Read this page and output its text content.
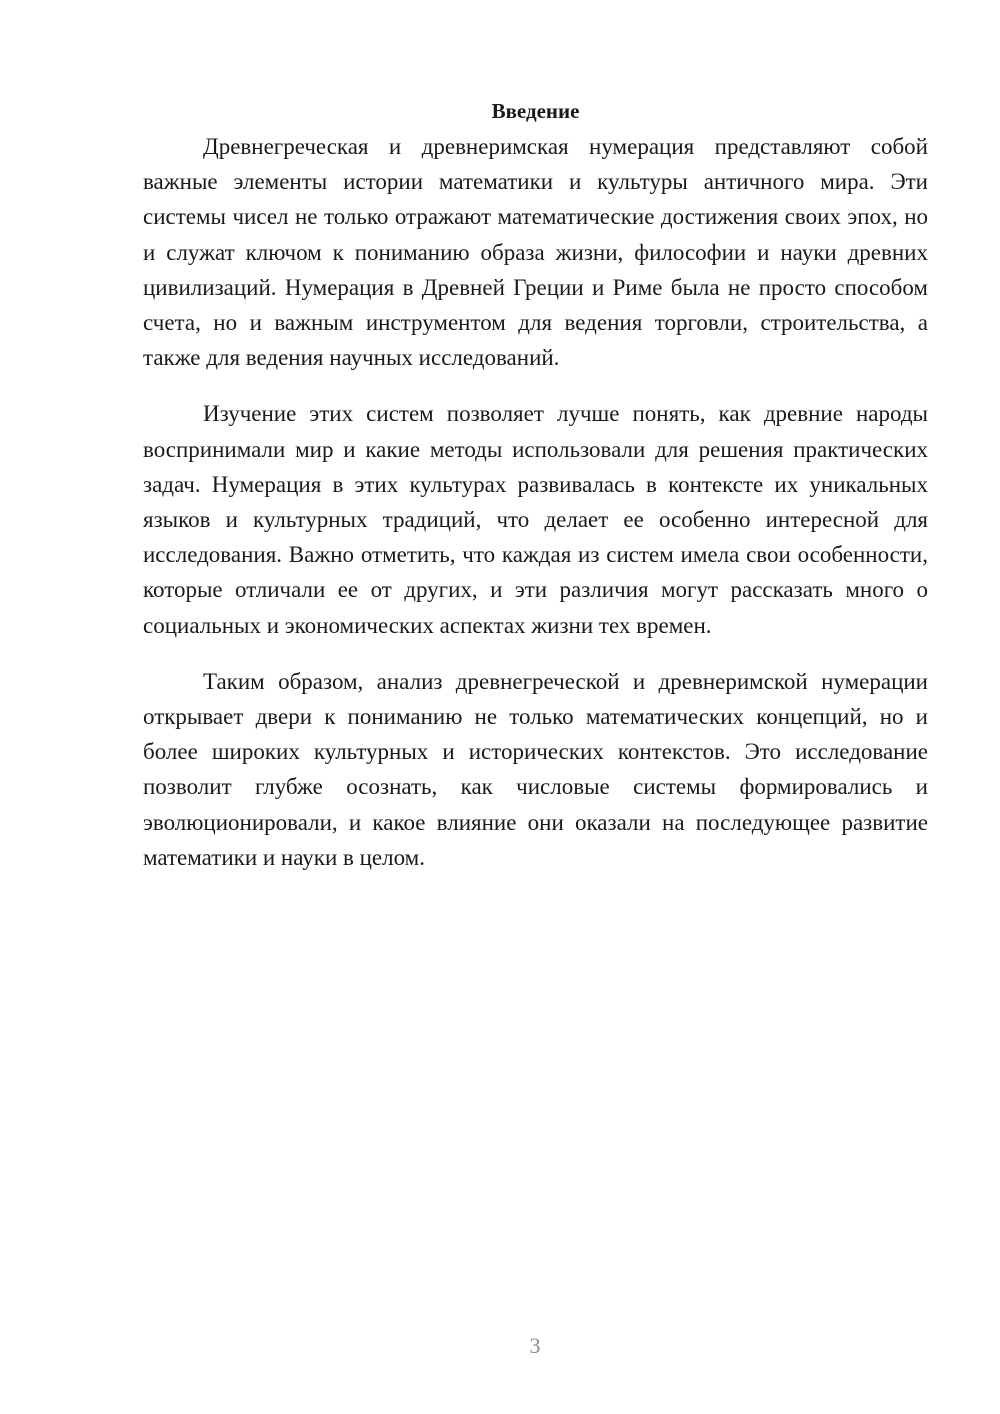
Введение

Древнегреческая и древнеримская нумерация представляют собой важные элементы истории математики и культуры античного мира. Эти системы чисел не только отражают математические достижения своих эпох, но и служат ключом к пониманию образа жизни, философии и науки древних цивилизаций. Нумерация в Древней Греции и Риме была не просто способом счета, но и важным инструментом для ведения торговли, строительства, а также для ведения научных исследований.

Изучение этих систем позволяет лучше понять, как древние народы воспринимали мир и какие методы использовали для решения практических задач. Нумерация в этих культурах развивалась в контексте их уникальных языков и культурных традиций, что делает ее особенно интересной для исследования. Важно отметить, что каждая из систем имела свои особенности, которые отличали ее от других, и эти различия могут рассказать много о социальных и экономических аспектах жизни тех времен.

Таким образом, анализ древнегреческой и древнеримской нумерации открывает двери к пониманию не только математических концепций, но и более широких культурных и исторических контекстов. Это исследование позволит глубже осознать, как числовые системы формировались и эволюционировали, и какое влияние они оказали на последующее развитие математики и науки в целом.

3
